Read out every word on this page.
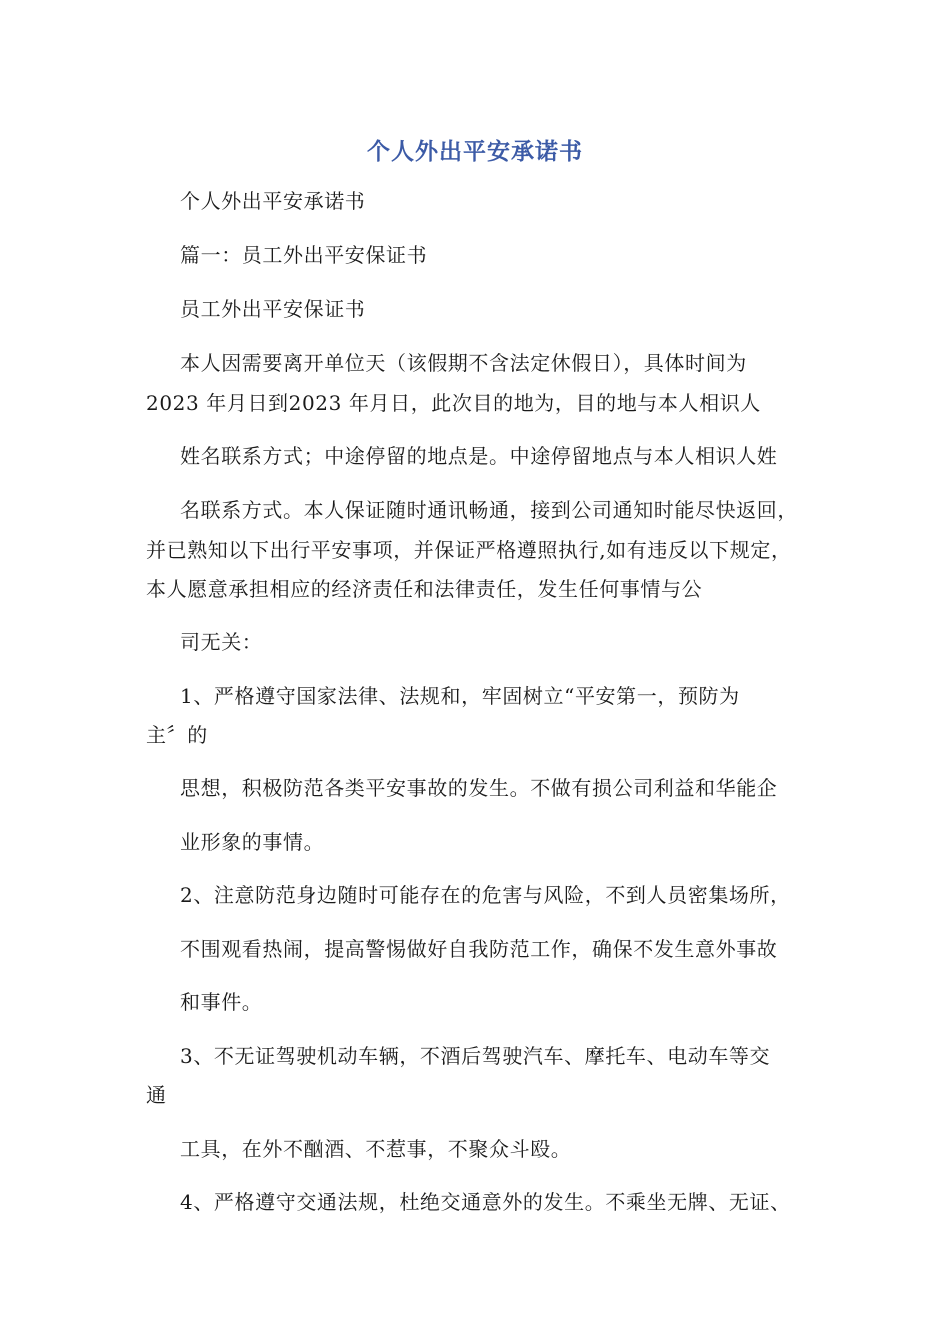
个人外出平安承诺书
个人外出平安承诺书
篇一：员工外出平安保证书
员工外出平安保证书
本人因需要离开单位天（该假期不含法定休假日），具体时间为
2023 年月日到2023 年月日，此次目的地为，目的地与本人相识人
姓名联系方式；中途停留的地点是。中途停留地点与本人相识人姓
名联系方式。本人保证随时通讯畅通，接到公司通知时能尽快返回，
并已熟知以下出行平安事项，并保证严格遵照执行,如有违反以下规定，
本人愿意承担相应的经济责任和法律责任，发生任何事情与公
司无关：
1、严格遵守国家法律、法规和，牢固树立“平安第一，预防为
主〞的
思想，积极防范各类平安事故的发生。不做有损公司利益和华能企
业形象的事情。
2、注意防范身边随时可能存在的危害与风险，不到人员密集场所，
不围观看热闹，提高警惕做好自我防范工作，确保不发生意外事故
和事件。
3、不无证驾驶机动车辆，不酒后驾驶汽车、摩托车、电动车等交
通
工具，在外不酗酒、不惹事，不聚众斗殴。
4、严格遵守交通法规，杜绝交通意外的发生。不乘坐无牌、无证、
